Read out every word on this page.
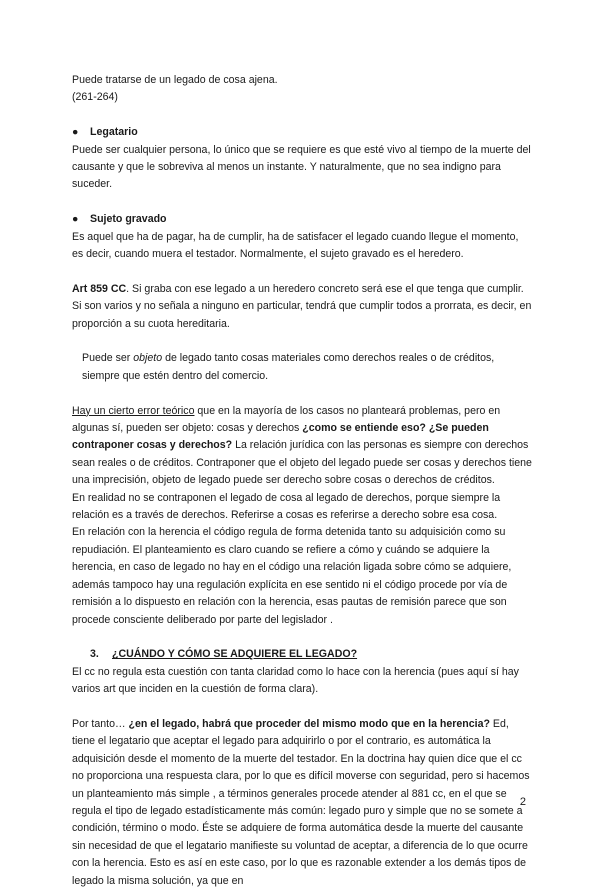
Puede tratarse de un legado de cosa ajena.

(261-264)

● Legatario

Puede ser cualquier persona, lo único que se requiere es que esté vivo al tiempo de la muerte del causante y que le sobreviva al menos un instante. Y naturalmente, que no sea indigno para suceder.

● Sujeto gravado

Es aquel que ha de pagar, ha de cumplir, ha de satisfacer el legado cuando llegue el momento, es decir, cuando muera el testador. Normalmente, el sujeto gravado es el heredero.

Art 859 CC. Si graba con ese legado a un heredero concreto será ese el que tenga que cumplir. Si son varios y no señala a ninguno en particular, tendrá que cumplir todos a prorrata, es decir, en proporción a su cuota hereditaria.

Puede ser objeto de legado tanto cosas materiales como derechos reales o de créditos, siempre que estén dentro del comercio.

Hay un cierto error teórico que en la mayoría de los casos no planteará problemas, pero en algunas sí, pueden ser objeto: cosas y derechos ¿como se entiende eso? ¿Se pueden contraponer cosas y derechos? La relación jurídica con las personas es siempre con derechos sean reales o de créditos. Contraponer que el objeto del legado puede ser cosas y derechos tiene una imprecisión, objeto de legado puede ser derecho sobre cosas o derechos de créditos.

En realidad no se contraponen el legado de cosa al legado de derechos, porque siempre la relación es a través de derechos. Referirse a cosas es referirse a derecho sobre esa cosa.

En relación con la herencia el código regula de forma detenida tanto su adquisición como su repudiación. El planteamiento es claro cuando se refiere a cómo y cuándo se adquiere la herencia, en caso de legado no hay en el código una relación ligada sobre cómo se adquiere, además tampoco hay una regulación explícita en ese sentido ni el código procede por vía de remisión a lo dispuesto en relación con la herencia, esas pautas de remisión parece que son procede consciente deliberado por parte del legislador .

3. ¿CUÁNDO Y CÓMO SE ADQUIERE EL LEGADO?

El cc no regula esta cuestión con tanta claridad como lo hace con la herencia (pues aquí sí hay varios art que inciden en la cuestión de forma clara).

Por tanto… ¿en el legado, habrá que proceder del mismo modo que en la herencia? Ed, tiene el legatario que aceptar el legado para adquirirlo o por el contrario, es automática la adquisición desde el momento de la muerte del testador. En la doctrina hay quien dice que el cc no proporciona una respuesta clara, por lo que es difícil moverse con seguridad, pero si hacemos un planteamiento más simple , a términos generales procede atender al 881 cc, en el que se regula el tipo de legado estadísticamente más común: legado puro y simple que no se somete a condición, término o modo. Éste se adquiere de forma automática desde la muerte del causante sin necesidad de que el legatario manifieste su voluntad de aceptar, a diferencia de lo que ocurre con la herencia. Esto es así en este caso, por lo que es razonable extender a los demás tipos de legado la misma solución, ya que en

2
